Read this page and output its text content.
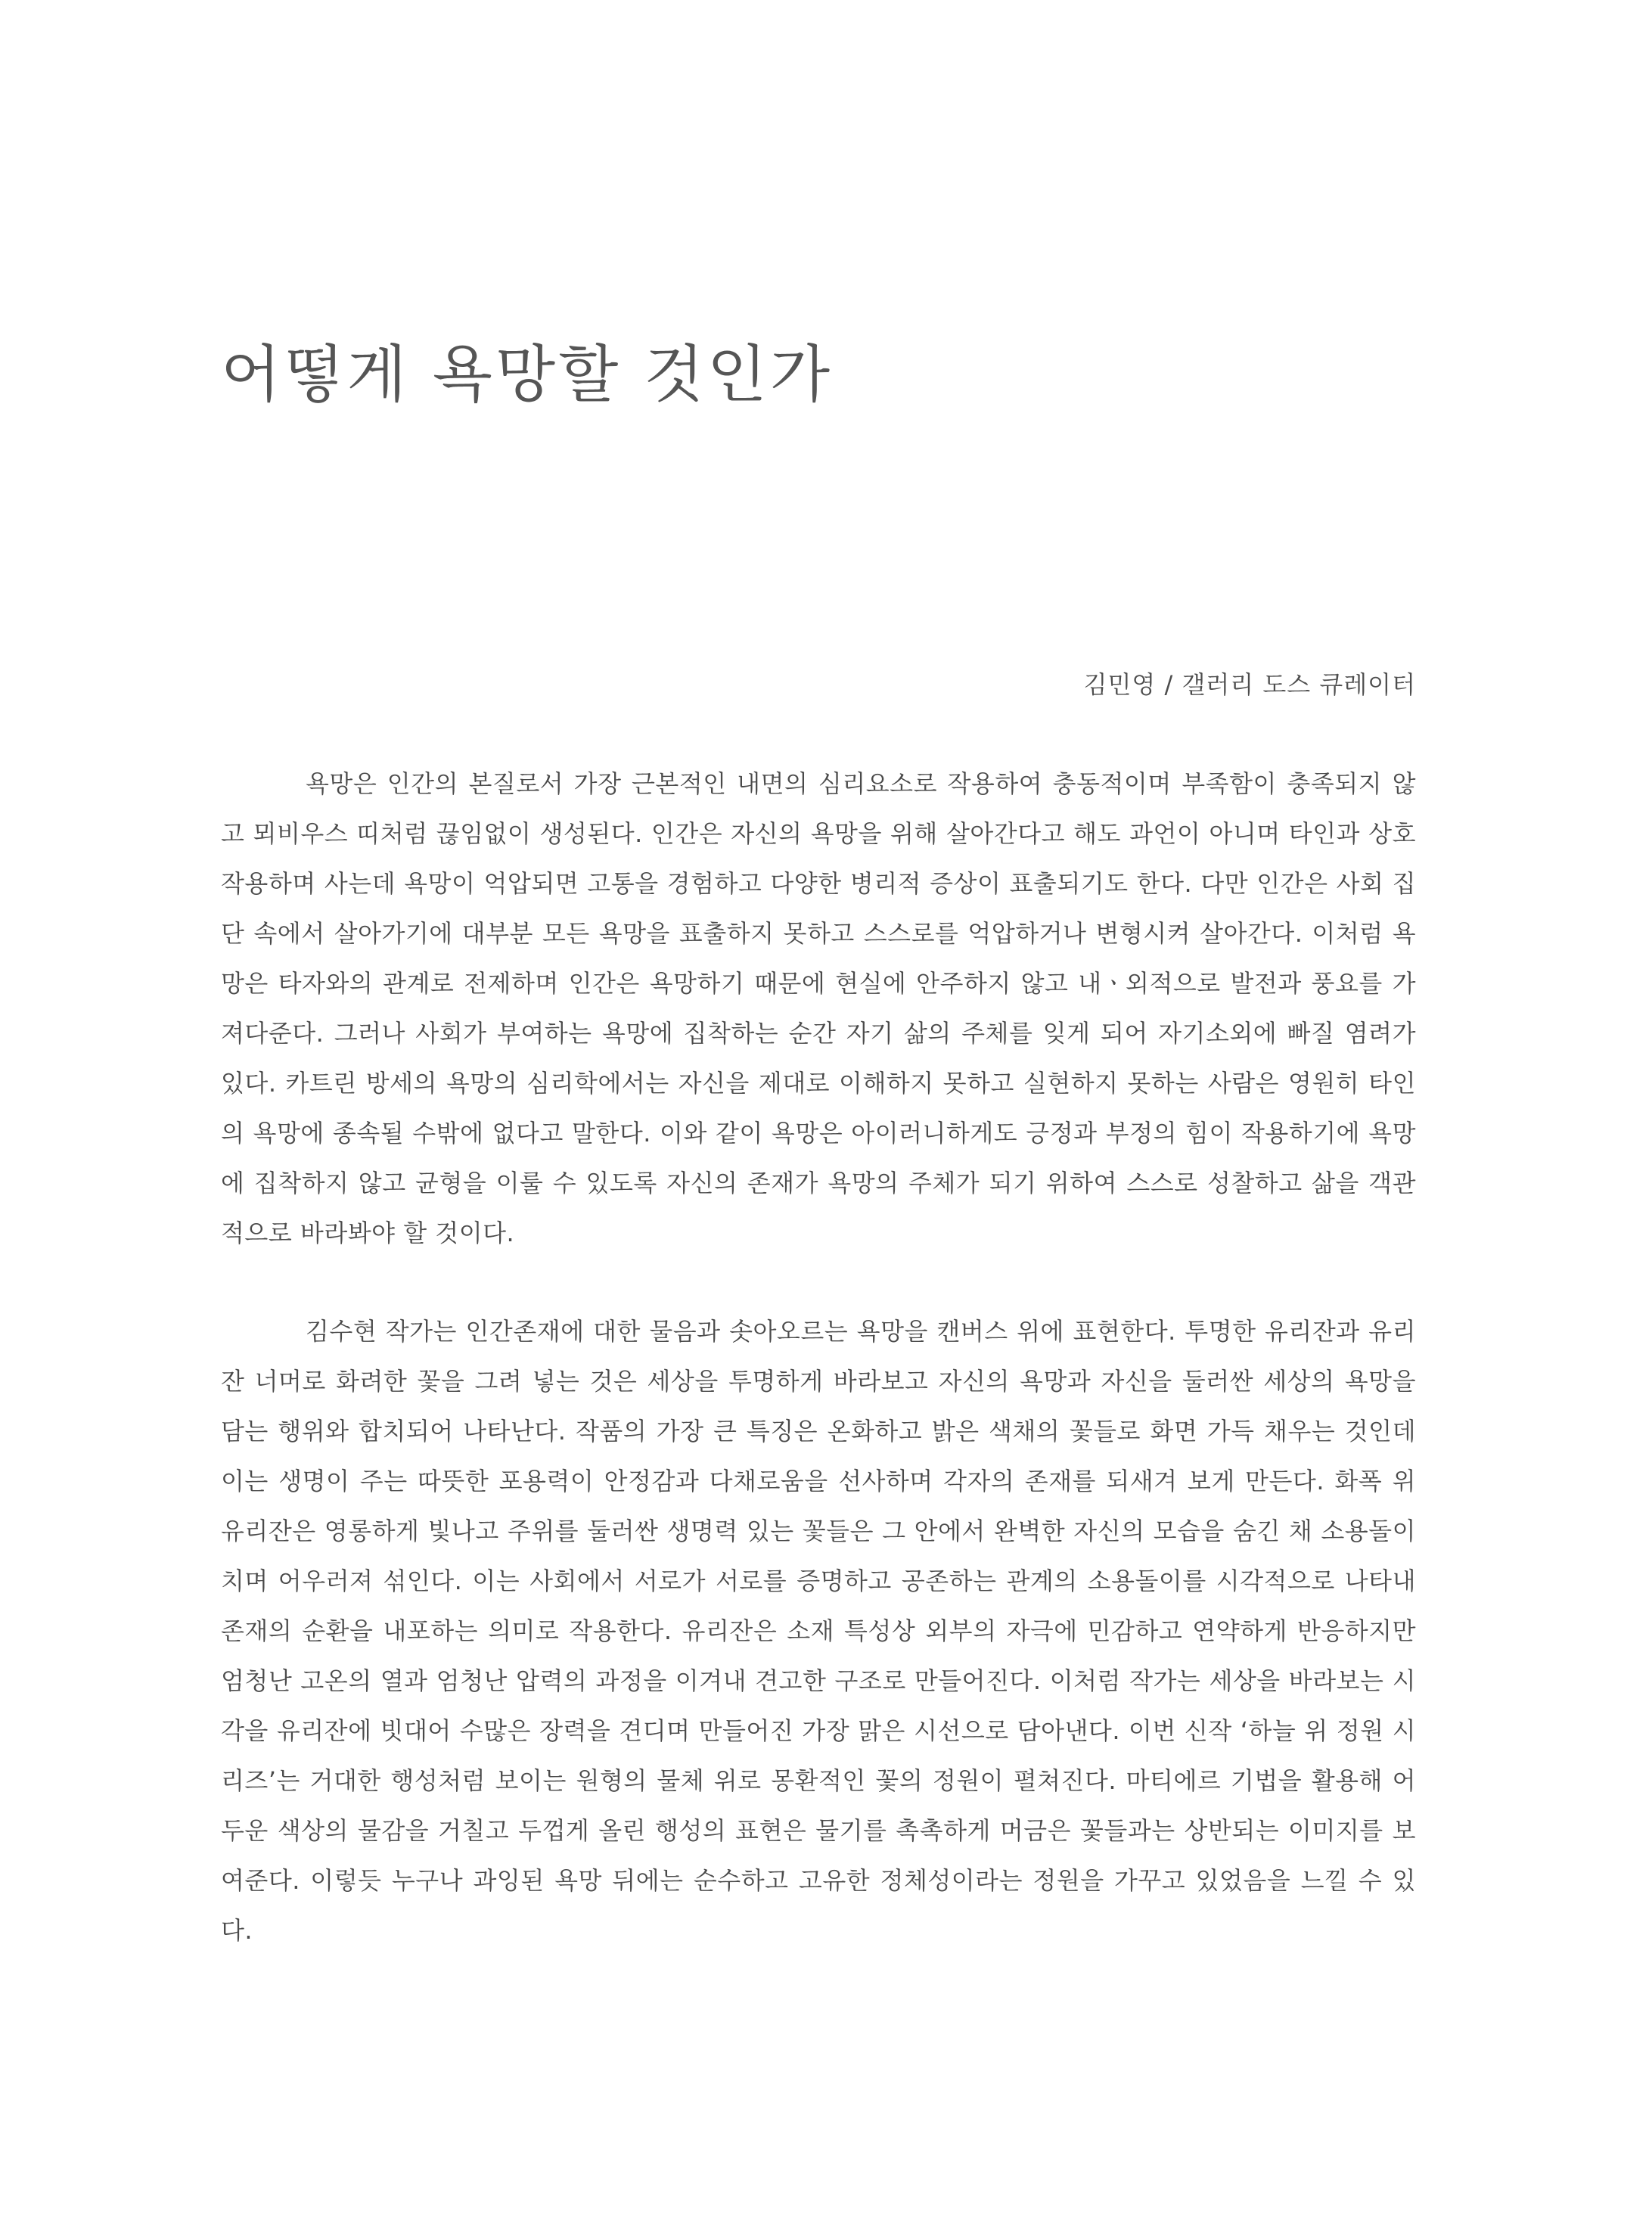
어떻게 욕망할 것인가

김민영 / 갤러리 도스 큐레이터

욕망은 인간의 본질로서 가장 근본적인 내면의 심리요소로 작용하여 충동적이며 부족함이 충족되지 않고 뫼비우스 띠처럼 끊임없이 생성된다. 인간은 자신의 욕망을 위해 살아간다고 해도 과언이 아니며 타인과 상호작용하며 사는데 욕망이 억압되면 고통을 경험하고 다양한 병리적 증상이 표출되기도 한다. 다만 인간은 사회 집단 속에서 살아가기에 대부분 모든 욕망을 표출하지 못하고 스스로를 억압하거나 변형시켜 살아간다. 이처럼 욕망은 타자와의 관계로 전제하며 인간은 욕망하기 때문에 현실에 안주하지 않고 내ㆍ외적으로 발전과 풍요를 가져다준다. 그러나 사회가 부여하는 욕망에 집착하는 순간 자기 삶의 주체를 잊게 되어 자기소외에 빠질 염려가 있다. 카트린 방세의 욕망의 심리학에서는 자신을 제대로 이해하지 못하고 실현하지 못하는 사람은 영원히 타인의 욕망에 종속될 수밖에 없다고 말한다. 이와 같이 욕망은 아이러니하게도 긍정과 부정의 힘이 작용하기에 욕망에 집착하지 않고 균형을 이룰 수 있도록 자신의 존재가 욕망의 주체가 되기 위하여 스스로 성찰하고 삶을 객관적으로 바라봐야 할 것이다.

김수현 작가는 인간존재에 대한 물음과 솟아오르는 욕망을 캔버스 위에 표현한다. 투명한 유리잔과 유리잔 너머로 화려한 꽃을 그려 넣는 것은 세상을 투명하게 바라보고 자신의 욕망과 자신을 둘러싼 세상의 욕망을 담는 행위와 합치되어 나타난다. 작품의 가장 큰 특징은 온화하고 밝은 색채의 꽃들로 화면 가득 채우는 것인데 이는 생명이 주는 따뜻한 포용력이 안정감과 다채로움을 선사하며 각자의 존재를 되새겨 보게 만든다. 화폭 위 유리잔은 영롱하게 빛나고 주위를 둘러싼 생명력 있는 꽃들은 그 안에서 완벽한 자신의 모습을 숨긴 채 소용돌이치며 어우러져 섞인다. 이는 사회에서 서로가 서로를 증명하고 공존하는 관계의 소용돌이를 시각적으로 나타내 존재의 순환을 내포하는 의미로 작용한다. 유리잔은 소재 특성상 외부의 자극에 민감하고 연약하게 반응하지만 엄청난 고온의 열과 엄청난 압력의 과정을 이겨내 견고한 구조로 만들어진다. 이처럼 작가는 세상을 바라보는 시각을 유리잔에 빗대어 수많은 장력을 견디며 만들어진 가장 맑은 시선으로 담아낸다. 이번 신작 ‘하늘 위 정원 시리즈’는 거대한 행성처럼 보이는 원형의 물체 위로 몽환적인 꽃의 정원이 펼쳐진다. 마티에르 기법을 활용해 어두운 색상의 물감을 거칠고 두껍게 올린 행성의 표현은 물기를 촉촉하게 머금은 꽃들과는 상반되는 이미지를 보여준다. 이렇듯 누구나 과잉된 욕망 뒤에는 순수하고 고유한 정체성이라는 정원을 가꾸고 있었음을 느낄 수 있다.
